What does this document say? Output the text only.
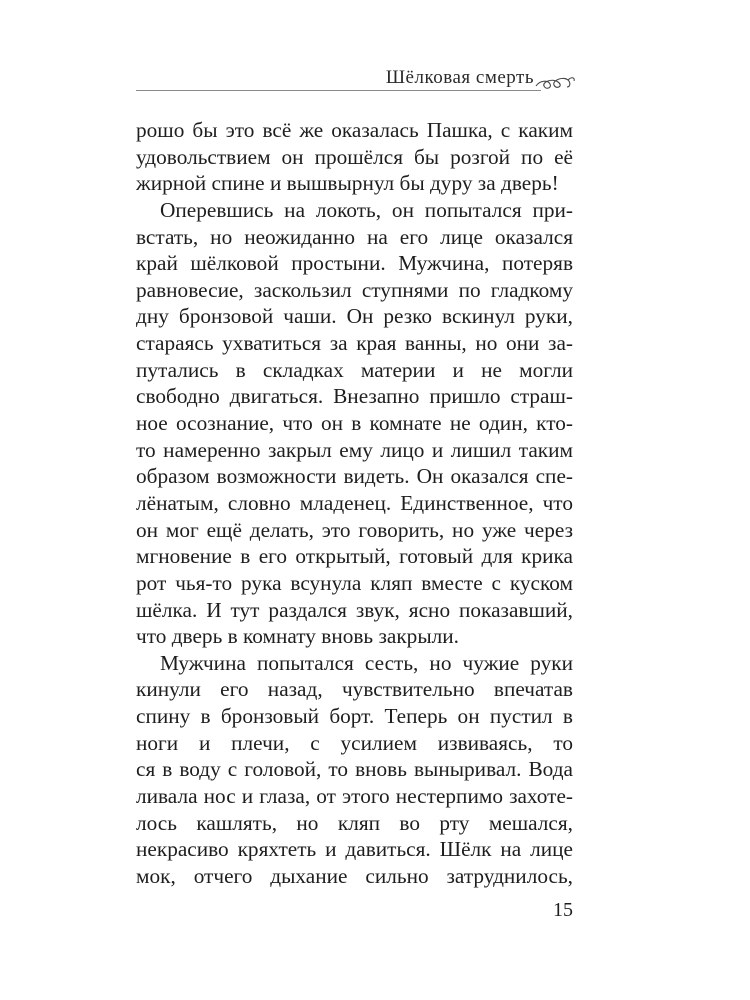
Шёлковая смерть
рошо бы это всё же оказалась Пашка, с каким
удовольствием он прошёлся бы розгой по её
жирной спине и вышвырнул бы дуру за дверь!
Оперевшись на локоть, он попытался при-
встать, но неожиданно на его лице оказался
край шёлковой простыни. Мужчина, потеряв
равновесие, заскользил ступнями по гладкому
дну бронзовой чаши. Он резко вскинул руки,
стараясь ухватиться за края ванны, но они за-
путались в складках материи и не могли
свободно двигаться. Внезапно пришло страш-
ное осознание, что он в комнате не один, кто-
то намеренно закрыл ему лицо и лишил таким
образом возможности видеть. Он оказался спе-
лёнатым, словно младенец. Единственное, что
он мог ещё делать, это говорить, но уже через
мгновение в его открытый, готовый для крика
рот чья-то рука всунула кляп вместе с куском
шёлка. И тут раздался звук, ясно показавший,
что дверь в комнату вновь закрыли.
Мужчина попытался сесть, но чужие руки
кинули его назад, чувствительно впечатав
спину в бронзовый борт. Теперь он пустил в
ноги и плечи, с усилием извиваясь, то
ся в воду с головой, то вновь выныривал. Вода
ливала нос и глаза, от этого нестерпимо захоте-
лось кашлять, но кляп во рту мешался,
некрасиво кряхтеть и давиться. Шёлк на лице
мок, отчего дыхание сильно затруднилось,
15
